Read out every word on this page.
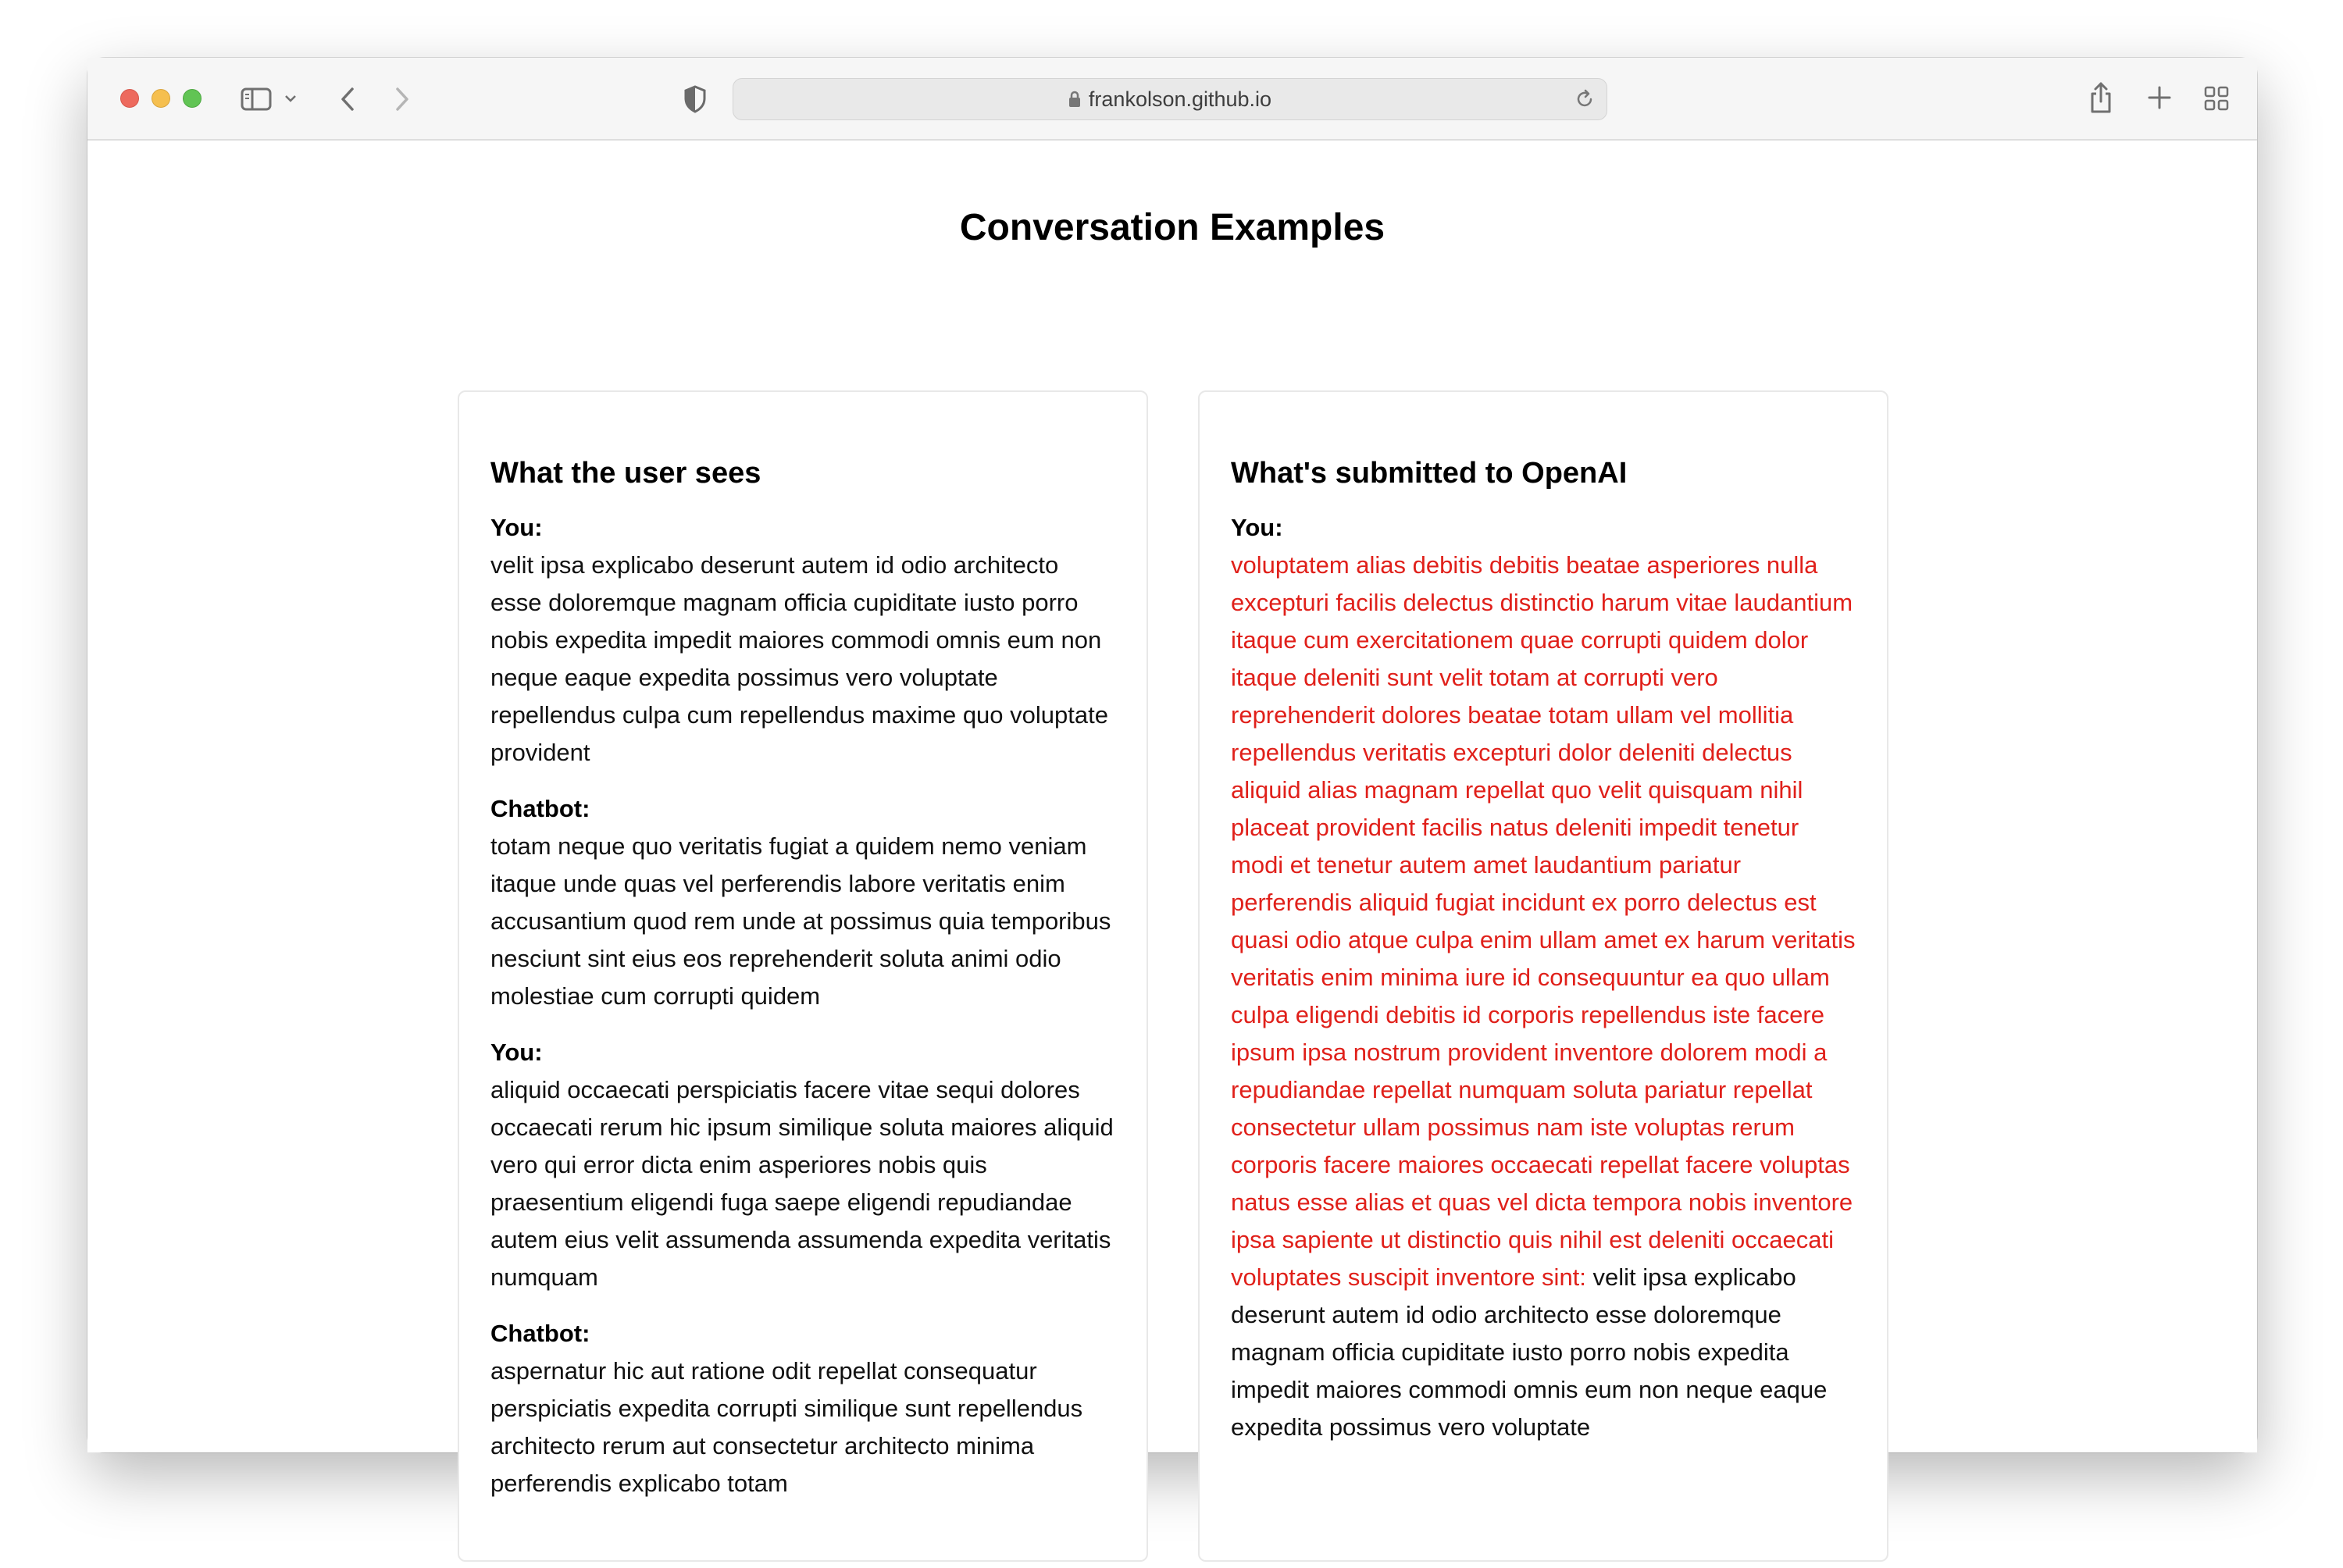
frankolson.github.io
Conversation Examples
What the user sees
You:
velit ipsa explicabo deserunt autem id odio architecto esse doloremque magnam officia cupiditate iusto porro nobis expedita impedit maiores commodi omnis eum non neque eaque expedita possimus vero voluptate repellendus culpa cum repellendus maxime quo voluptate provident
Chatbot:
totam neque quo veritatis fugiat a quidem nemo veniam itaque unde quas vel perferendis labore veritatis enim accusantium quod rem unde at possimus quia temporibus nesciunt sint eius eos reprehenderit soluta animi odio molestiae cum corrupti quidem
You:
aliquid occaecati perspiciatis facere vitae sequi dolores occaecati rerum hic ipsum similique soluta maiores aliquid vero qui error dicta enim asperiores nobis quis praesentium eligendi fuga saepe eligendi repudiandae autem eius velit assumenda assumenda expedita veritatis numquam
Chatbot:
aspernatur hic aut ratione odit repellat consequatur perspiciatis expedita corrupti similique sunt repellendus architecto rerum aut consectetur architecto minima perferendis explicabo totam
What's submitted to OpenAI
You:
voluptatem alias debitis debitis beatae asperiores nulla excepturi facilis delectus distinctio harum vitae laudantium itaque cum exercitationem quae corrupti quidem dolor itaque deleniti sunt velit totam at corrupti vero reprehenderit dolores beatae totam ullam vel mollitia repellendus veritatis excepturi dolor deleniti delectus aliquid alias magnam repellat quo velit quisquam nihil placeat provident facilis natus deleniti impedit tenetur modi et tenetur autem amet laudantium pariatur perferendis aliquid fugiat incidunt ex porro delectus est quasi odio atque culpa enim ullam amet ex harum veritatis veritatis enim minima iure id consequuntur ea quo ullam culpa eligendi debitis id corporis repellendus iste facere ipsum ipsa nostrum provident inventore dolorem modi a repudiandae repellat numquam soluta pariatur repellat consectetur ullam possimus nam iste voluptas rerum corporis facere maiores occaecati repellat facere voluptas natus esse alias et quas vel dicta tempora nobis inventore ipsa sapiente ut distinctio quis nihil est deleniti occaecati voluptates suscipit inventore sint: velit ipsa explicabo deserunt autem id odio architecto esse doloremque magnam officia cupiditate iusto porro nobis expedita impedit maiores commodi omnis eum non neque eaque expedita possimus vero voluptate
